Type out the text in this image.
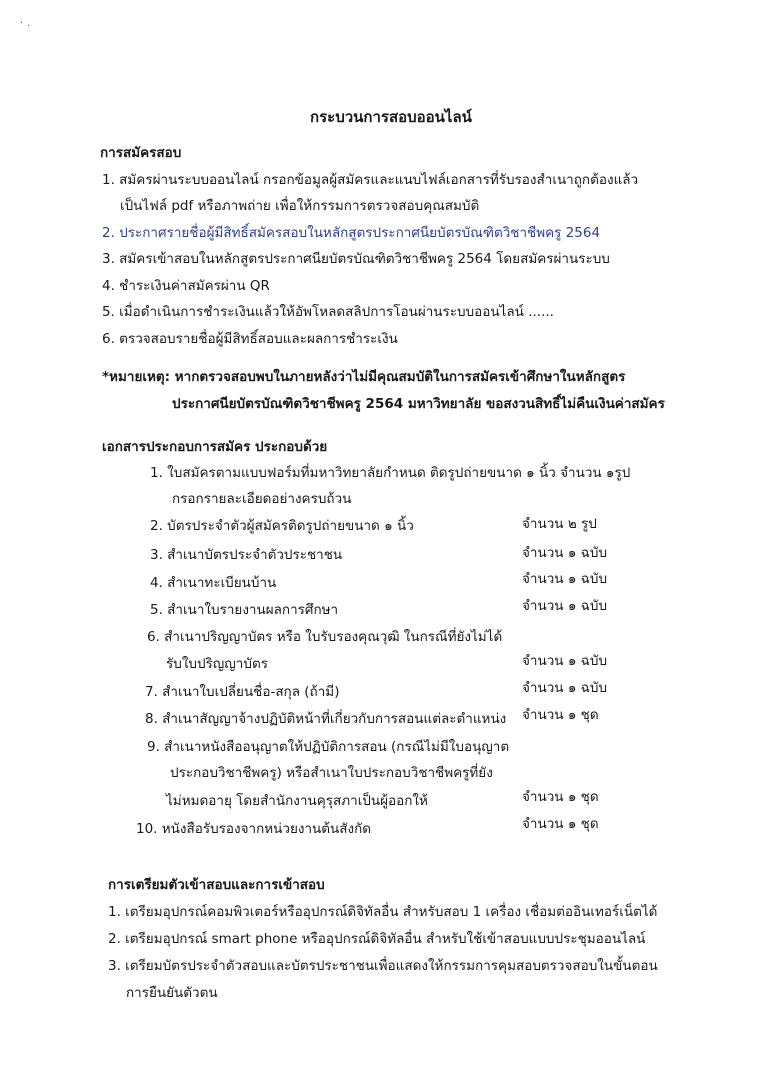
·.
กระบวนการสอบออนไลน์
การสมัครสอบ
1. สมัครผ่านระบบออนไลน์ กรอกข้อมูลผู้สมัครและแนบไฟล์เอกสารที่รับรองสำเนาถูกต้องแล้ว
เป็นไฟล์ pdf หรือภาพถ่าย เพื่อให้กรรมการตรวจสอบคุณสมบัติ
2. ประกาศรายชื่อผู้มีสิทธิ์สมัครสอบในหลักสูตรประกาศนียบัตรบัณฑิตวิชาชีพครู 2564
3. สมัครเข้าสอบในหลักสูตรประกาศนียบัตรบัณฑิตวิชาชีพครู 2564 โดยสมัครผ่านระบบ
4. ชำระเงินค่าสมัครผ่าน QR
5. เมื่อดำเนินการชำระเงินแล้วให้อัพโหลดสลิปการโอนผ่านระบบออนไลน์ ......
6. ตรวจสอบรายชื่อผู้มีสิทธิ์สอบและผลการชำระเงิน
*หมายเหตุ: หากตรวจสอบพบในภายหลังว่าไม่มีคุณสมบัติในการสมัครเข้าศึกษาในหลักสูตร
ประกาศนียบัตรบัณฑิตวิชาชีพครู 2564 มหาวิทยาลัย ขอสงวนสิทธิ์ไม่คืนเงินค่าสมัคร
เอกสารประกอบการสมัคร ประกอบด้วย
1. ใบสมัครตามแบบฟอร์มที่มหาวิทยาลัยกำหนด ติดรูปถ่ายขนาด ๑ นิ้ว จำนวน ๑รูป
กรอกรายละเอียดอย่างครบถ้วน
2. บัตรประจำตัวผู้สมัครติดรูปถ่ายขนาด ๑ นิ้ว	จำนวน ๒ รูป
3. สำเนาบัตรประจำตัวประชาชน	จำนวน ๑ ฉบับ
4. สำเนาทะเบียนบ้าน	จำนวน ๑ ฉบับ
5. สำเนาใบรายงานผลการศึกษา	จำนวน ๑ ฉบับ
6. สำเนาปริญญาบัตร หรือ ใบรับรองคุณวุฒิ ในกรณีที่ยังไม่ได้
รับใบปริญญาบัตร	จำนวน ๑ ฉบับ
7. สำเนาใบเปลี่ยนชื่อ-สกุล (ถ้ามี)	จำนวน ๑ ฉบับ
8. สำเนาสัญญาจ้างปฏิบัติหน้าที่เกี่ยวกับการสอนแต่ละตำแหน่ง จำนวน ๑ ชุด
9. สำเนาหนังสืออนุญาตให้ปฏิบัติการสอน (กรณีไม่มีใบอนุญาต
ประกอบวิชาชีพครู) หรือสำเนาใบประกอบวิชาชีพครูที่ยัง
ไม่หมดอายุ โดยสำนักงานคุรุสภาเป็นผู้ออกให้	จำนวน ๑ ชุด
10. หนังสือรับรองจากหน่วยงานต้นสังกัด	จำนวน ๑ ชุด
การเตรียมตัวเข้าสอบและการเข้าสอบ
1. เตรียมอุปกรณ์คอมพิวเตอร์หรืออุปกรณ์ดิจิทัลอื่น สำหรับสอบ 1 เครื่อง เชื่อมต่ออินเทอร์เน็ตได้
2. เตรียมอุปกรณ์ smart phone หรืออุปกรณ์ดิจิทัลอื่น สำหรับใช้เข้าสอบแบบประชุมออนไลน์
3. เตรียมบัตรประจำตัวสอบและบัตรประชาชนเพื่อแสดงให้กรรมการคุมสอบตรวจสอบในขั้นตอน
การยืนยันตัวตน
